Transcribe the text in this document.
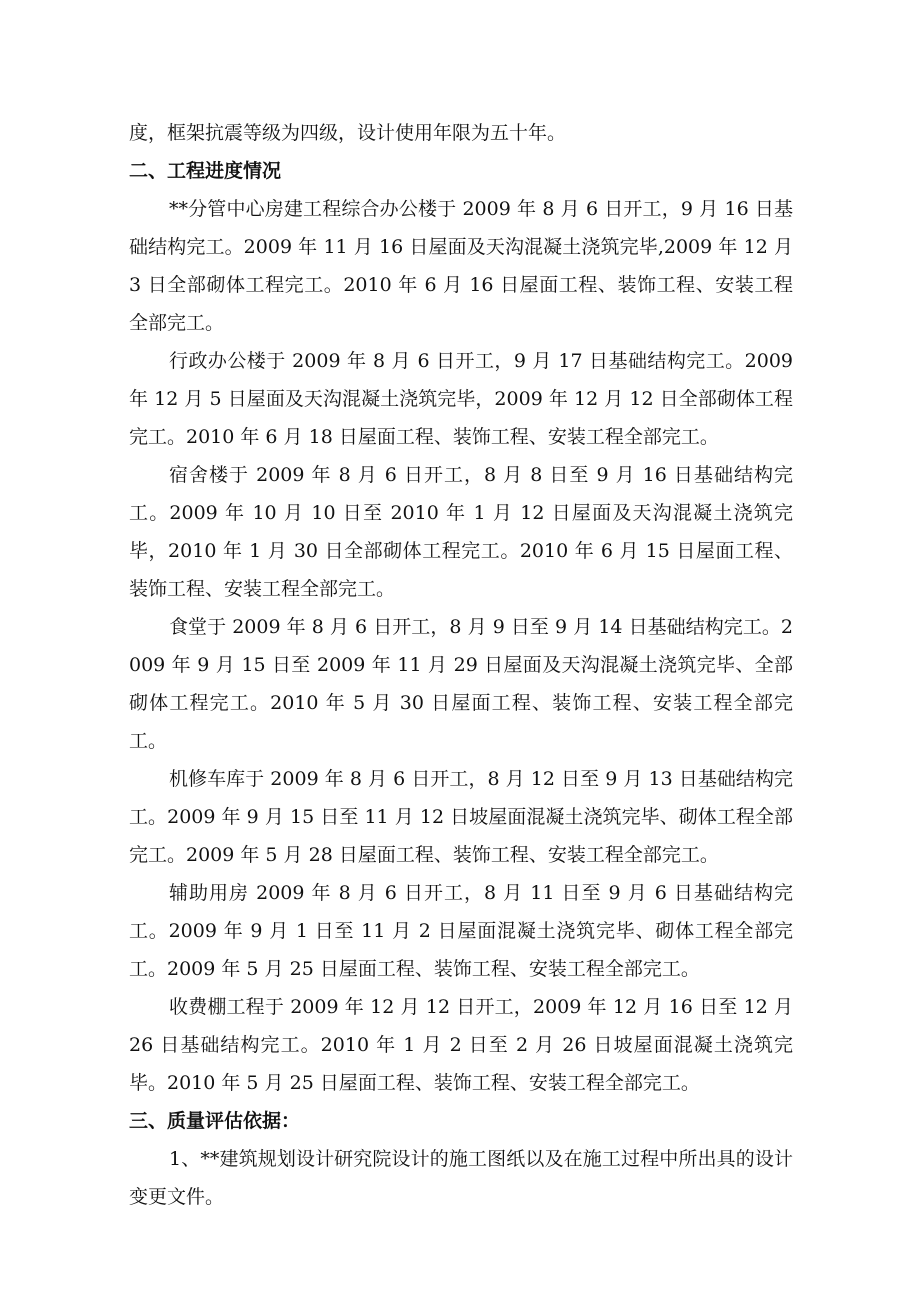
度，框架抗震等级为四级，设计使用年限为五十年。

二、工程进度情况

**分管中心房建工程综合办公楼于 2009 年 8 月 6 日开工，9 月 16 日基础结构完工。2009 年 11 月 16 日屋面及天沟混凝土浇筑完毕,2009 年 12 月 3 日全部砌体工程完工。2010 年 6 月 16 日屋面工程、装饰工程、安装工程全部完工。

行政办公楼于 2009 年 8 月 6 日开工，9 月 17 日基础结构完工。2009 年 12 月 5 日屋面及天沟混凝土浇筑完毕，2009 年 12 月 12 日全部砌体工程完工。2010 年 6 月 18 日屋面工程、装饰工程、安装工程全部完工。

宿舍楼于 2009 年 8 月 6 日开工，8 月 8 日至 9 月 16 日基础结构完工。2009 年 10 月 10 日至 2010 年 1 月 12 日屋面及天沟混凝土浇筑完毕，2010 年 1 月 30 日全部砌体工程完工。2010 年 6 月 15 日屋面工程、装饰工程、安装工程全部完工。

食堂于 2009 年 8 月 6 日开工，8 月 9 日至 9 月 14 日基础结构完工。2009 年 9 月 15 日至 2009 年 11 月 29 日屋面及天沟混凝土浇筑完毕、全部砌体工程完工。2010 年 5 月 30 日屋面工程、装饰工程、安装工程全部完工。

机修车库于 2009 年 8 月 6 日开工，8 月 12 日至 9 月 13 日基础结构完工。2009 年 9 月 15 日至 11 月 12 日坡屋面混凝土浇筑完毕、砌体工程全部完工。2009 年 5 月 28 日屋面工程、装饰工程、安装工程全部完工。

辅助用房 2009 年 8 月 6 日开工，8 月 11 日至 9 月 6 日基础结构完工。2009 年 9 月 1 日至 11 月 2 日屋面混凝土浇筑完毕、砌体工程全部完工。2009 年 5 月 25 日屋面工程、装饰工程、安装工程全部完工。

收费棚工程于 2009 年 12 月 12 日开工，2009 年 12 月 16 日至 12 月 26 日基础结构完工。2010 年 1 月 2 日至 2 月 26 日坡屋面混凝土浇筑完毕。2010 年 5 月 25 日屋面工程、装饰工程、安装工程全部完工。

三、质量评估依据：

1、**建筑规划设计研究院设计的施工图纸以及在施工过程中所出具的设计变更文件。
